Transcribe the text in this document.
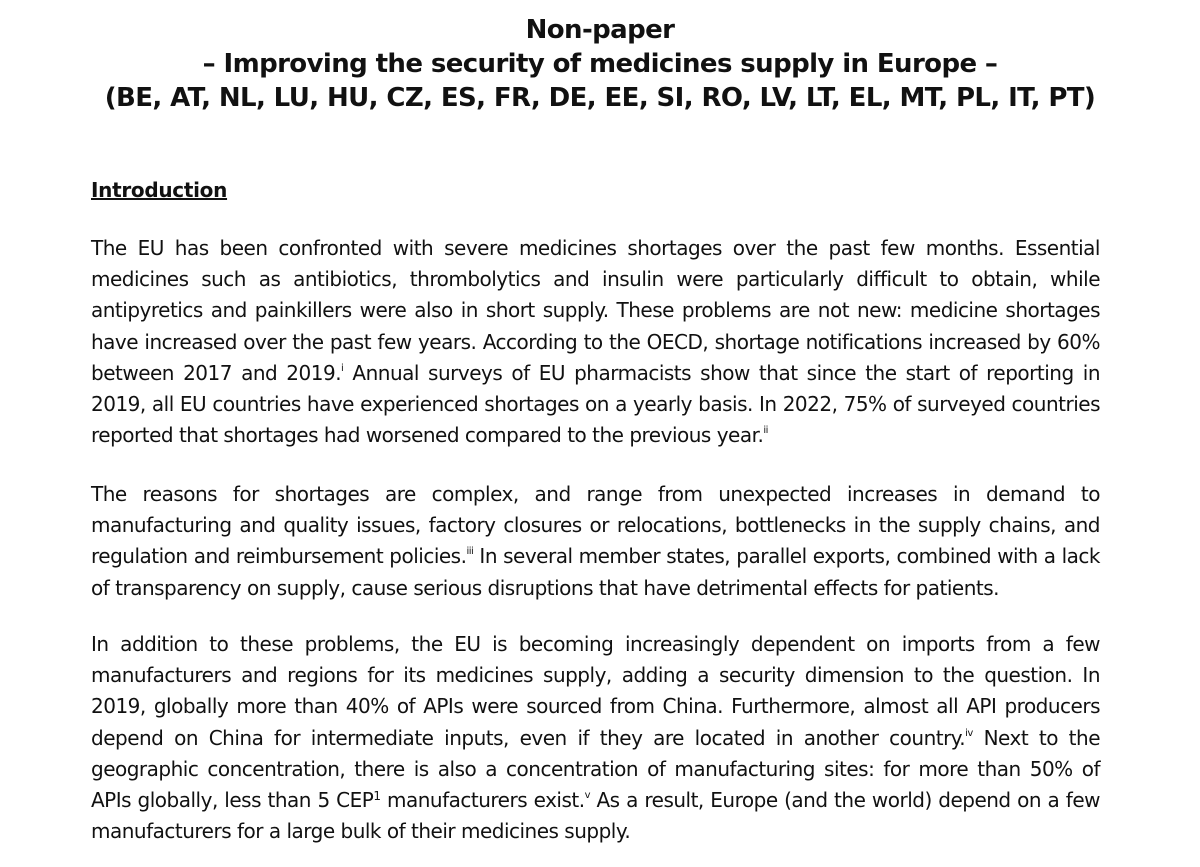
Non-paper
– Improving the security of medicines supply in Europe –
(BE, AT, NL, LU, HU, CZ, ES, FR, DE, EE, SI, RO, LV, LT, EL, MT, PL, IT, PT)
Introduction

The EU has been confronted with severe medicines shortages over the past few months. Essential medicines such as antibiotics, thrombolytics and insulin were particularly difficult to obtain, while antipyretics and painkillers were also in short supply. These problems are not new: medicine shortages have increased over the past few years. According to the OECD, shortage notifications increased by 60% between 2017 and 2019.$^i$ Annual surveys of EU pharmacists show that since the start of reporting in 2019, all EU countries have experienced shortages on a yearly basis. In 2022, 75% of surveyed countries reported that shortages had worsened compared to the previous year.$^{ii}$

The reasons for shortages are complex, and range from unexpected increases in demand to manufacturing and quality issues, factory closures or relocations, bottlenecks in the supply chains, and regulation and reimbursement policies.$^{iii}$ In several member states, parallel exports, combined with a lack of transparency on supply, cause serious disruptions that have detrimental effects for patients.

In addition to these problems, the EU is becoming increasingly dependent on imports from a few manufacturers and regions for its medicines supply, adding a security dimension to the question. In 2019, globally more than 40% of APIs were sourced from China. Furthermore, almost all API producers depend on China for intermediate inputs, even if they are located in another country.$^{iv}$ Next to the geographic concentration, there is also a concentration of manufacturing sites: for more than 50% of APIs globally, less than 5 CEP$^1$ manufacturers exist.$^v$ As a result, Europe (and the world) depend on a few manufacturers for a large bulk of their medicines supply.
